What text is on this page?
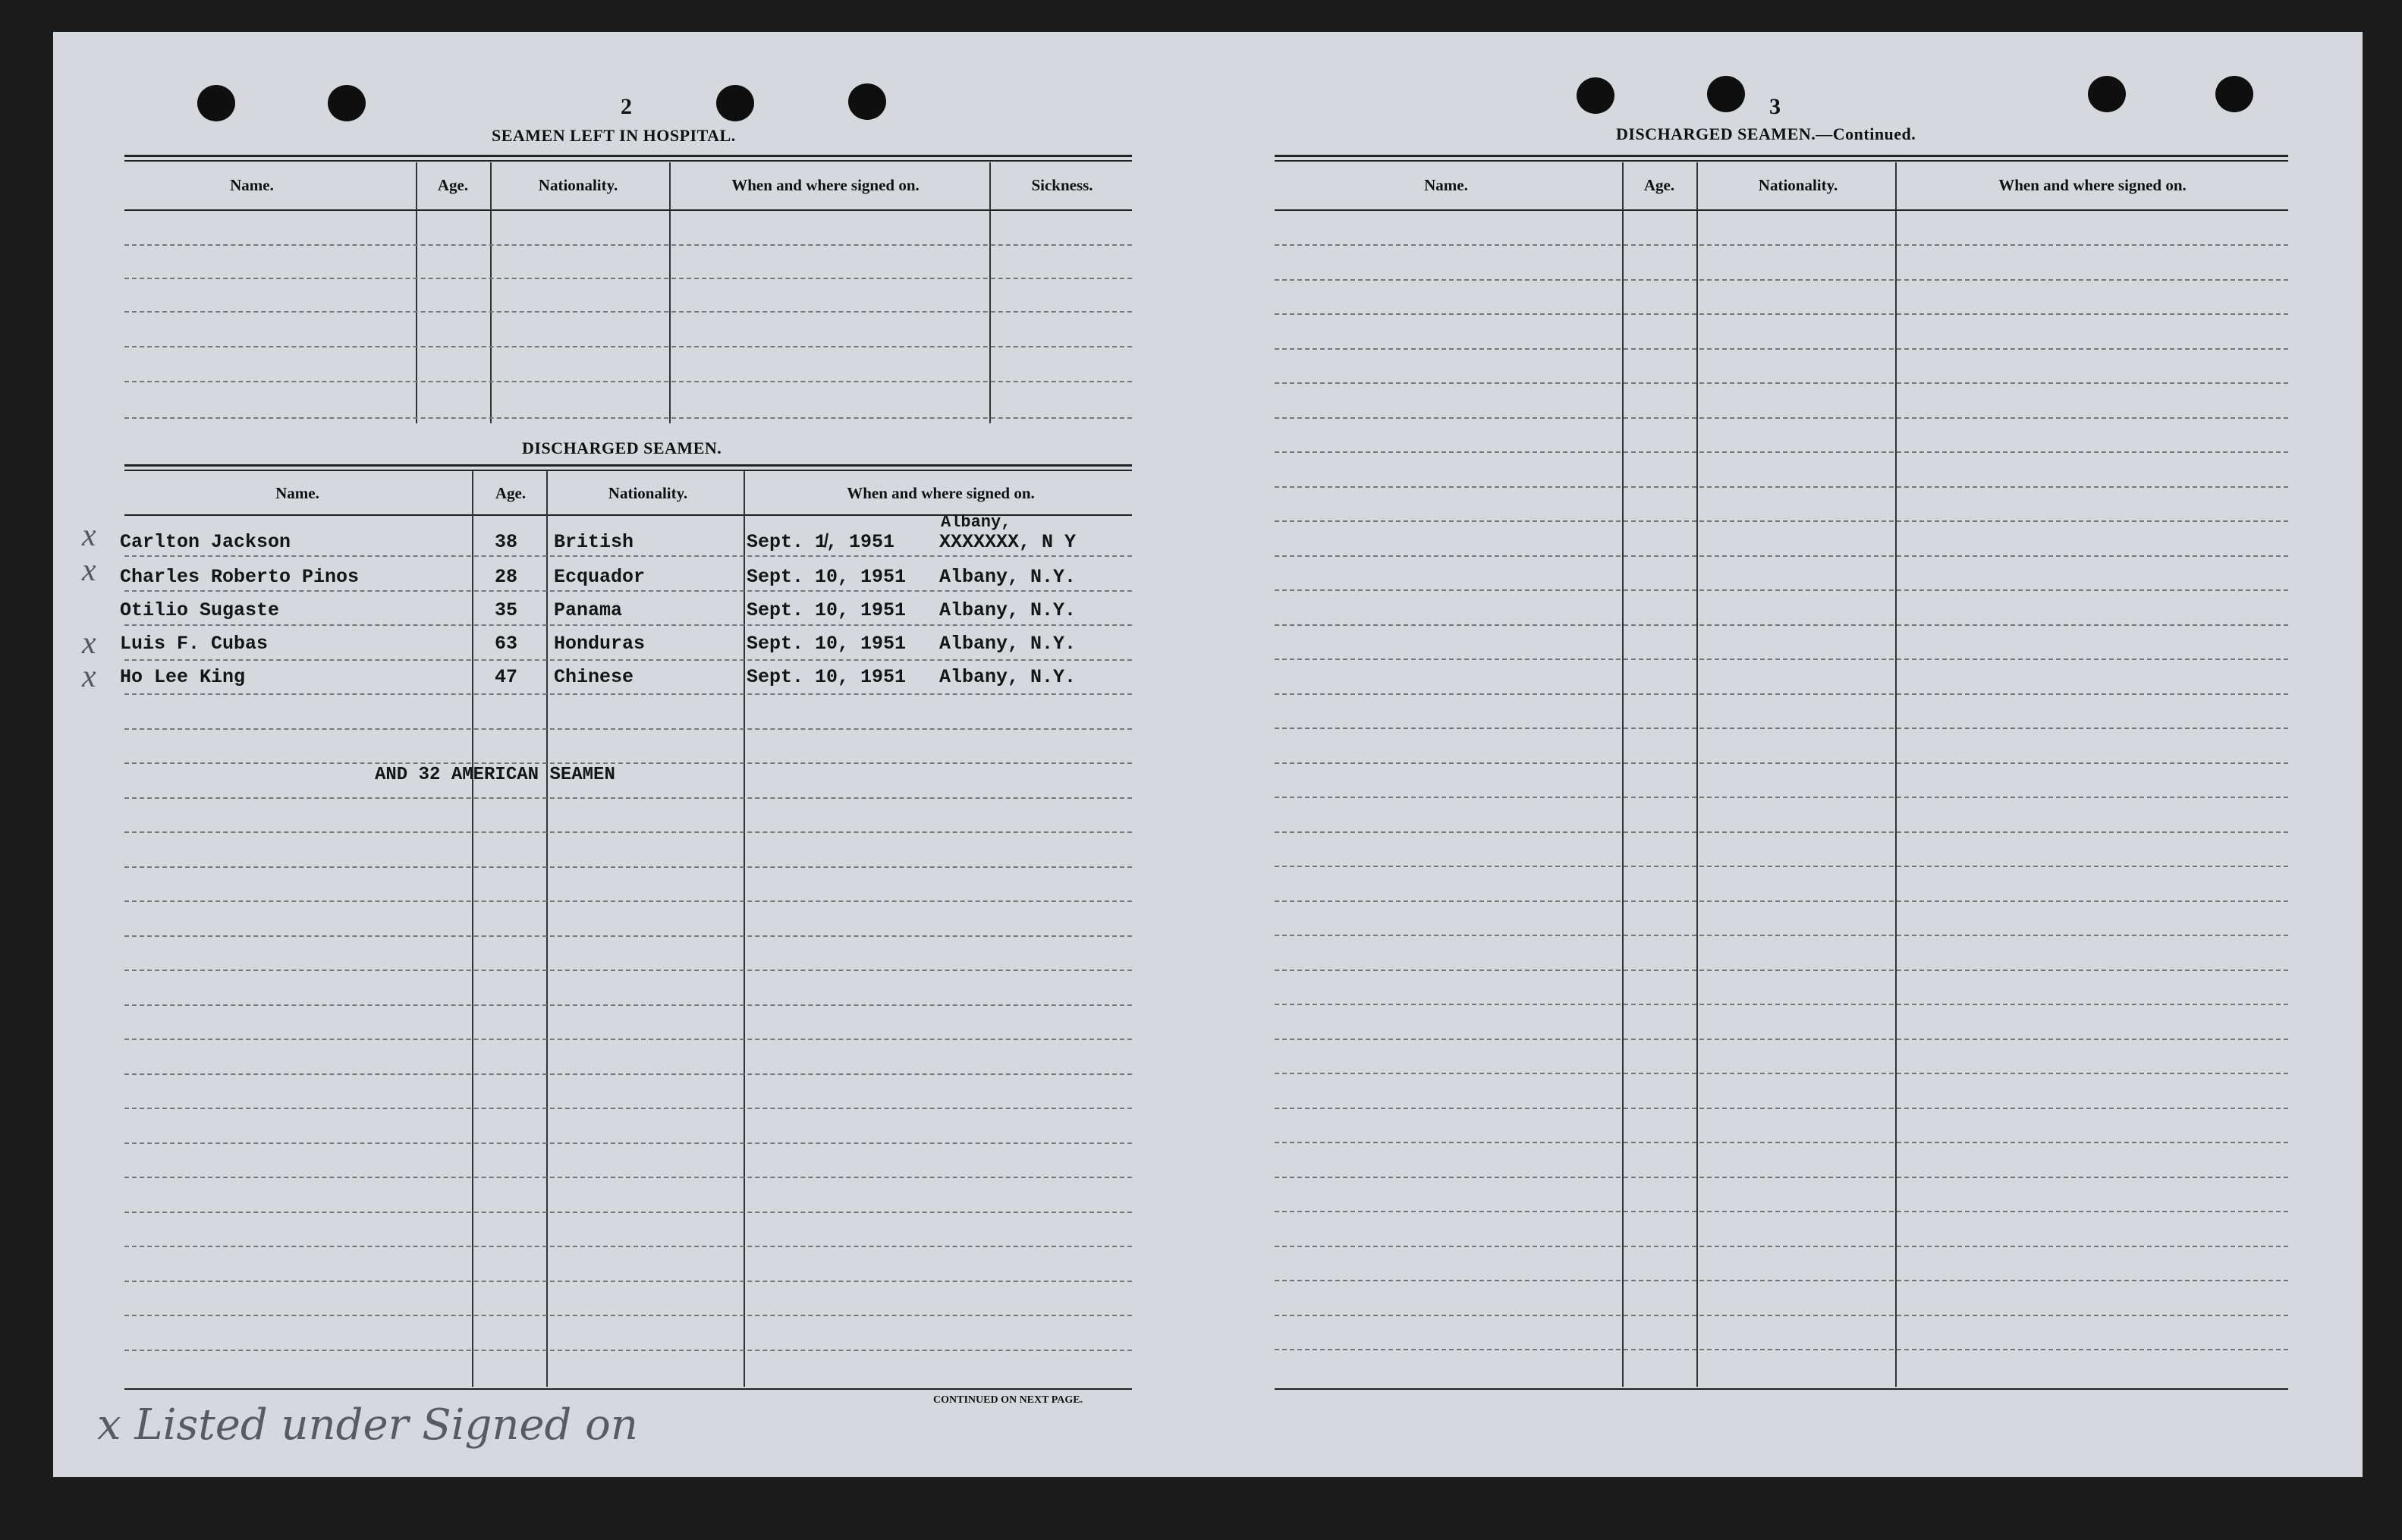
2
SEAMEN LEFT IN HOSPITAL.
Name.	Age.	Nationality.	When and where signed on.	Sickness.
DISCHARGED SEAMEN.
Name.	Age.	Nationality.	When and where signed on.
Carlton Jackson	38 British	Sept. 1̸, 1951
Albany,
XXXXXXX, N Y
Charles Roberto Pinos	28 Ecquador	Sept. 10, 1951 Albany, N.Y.
Otilio Sugaste	35 Panama	Sept. 10, 1951 Albany, N.Y.
Luis F. Cubas	63 Honduras	Sept. 10, 1951 Albany, N.Y.
Ho Lee King	47 Chinese	Sept. 10, 1951 Albany, N.Y.
AND 32 AMERICAN SEAMEN
x
x
x
x
CONTINUED ON NEXT PAGE.
x Listed under Signed on
3
DISCHARGED SEAMEN.—Continued.
Name.	Age.	Nationality.	When and where signed on.
